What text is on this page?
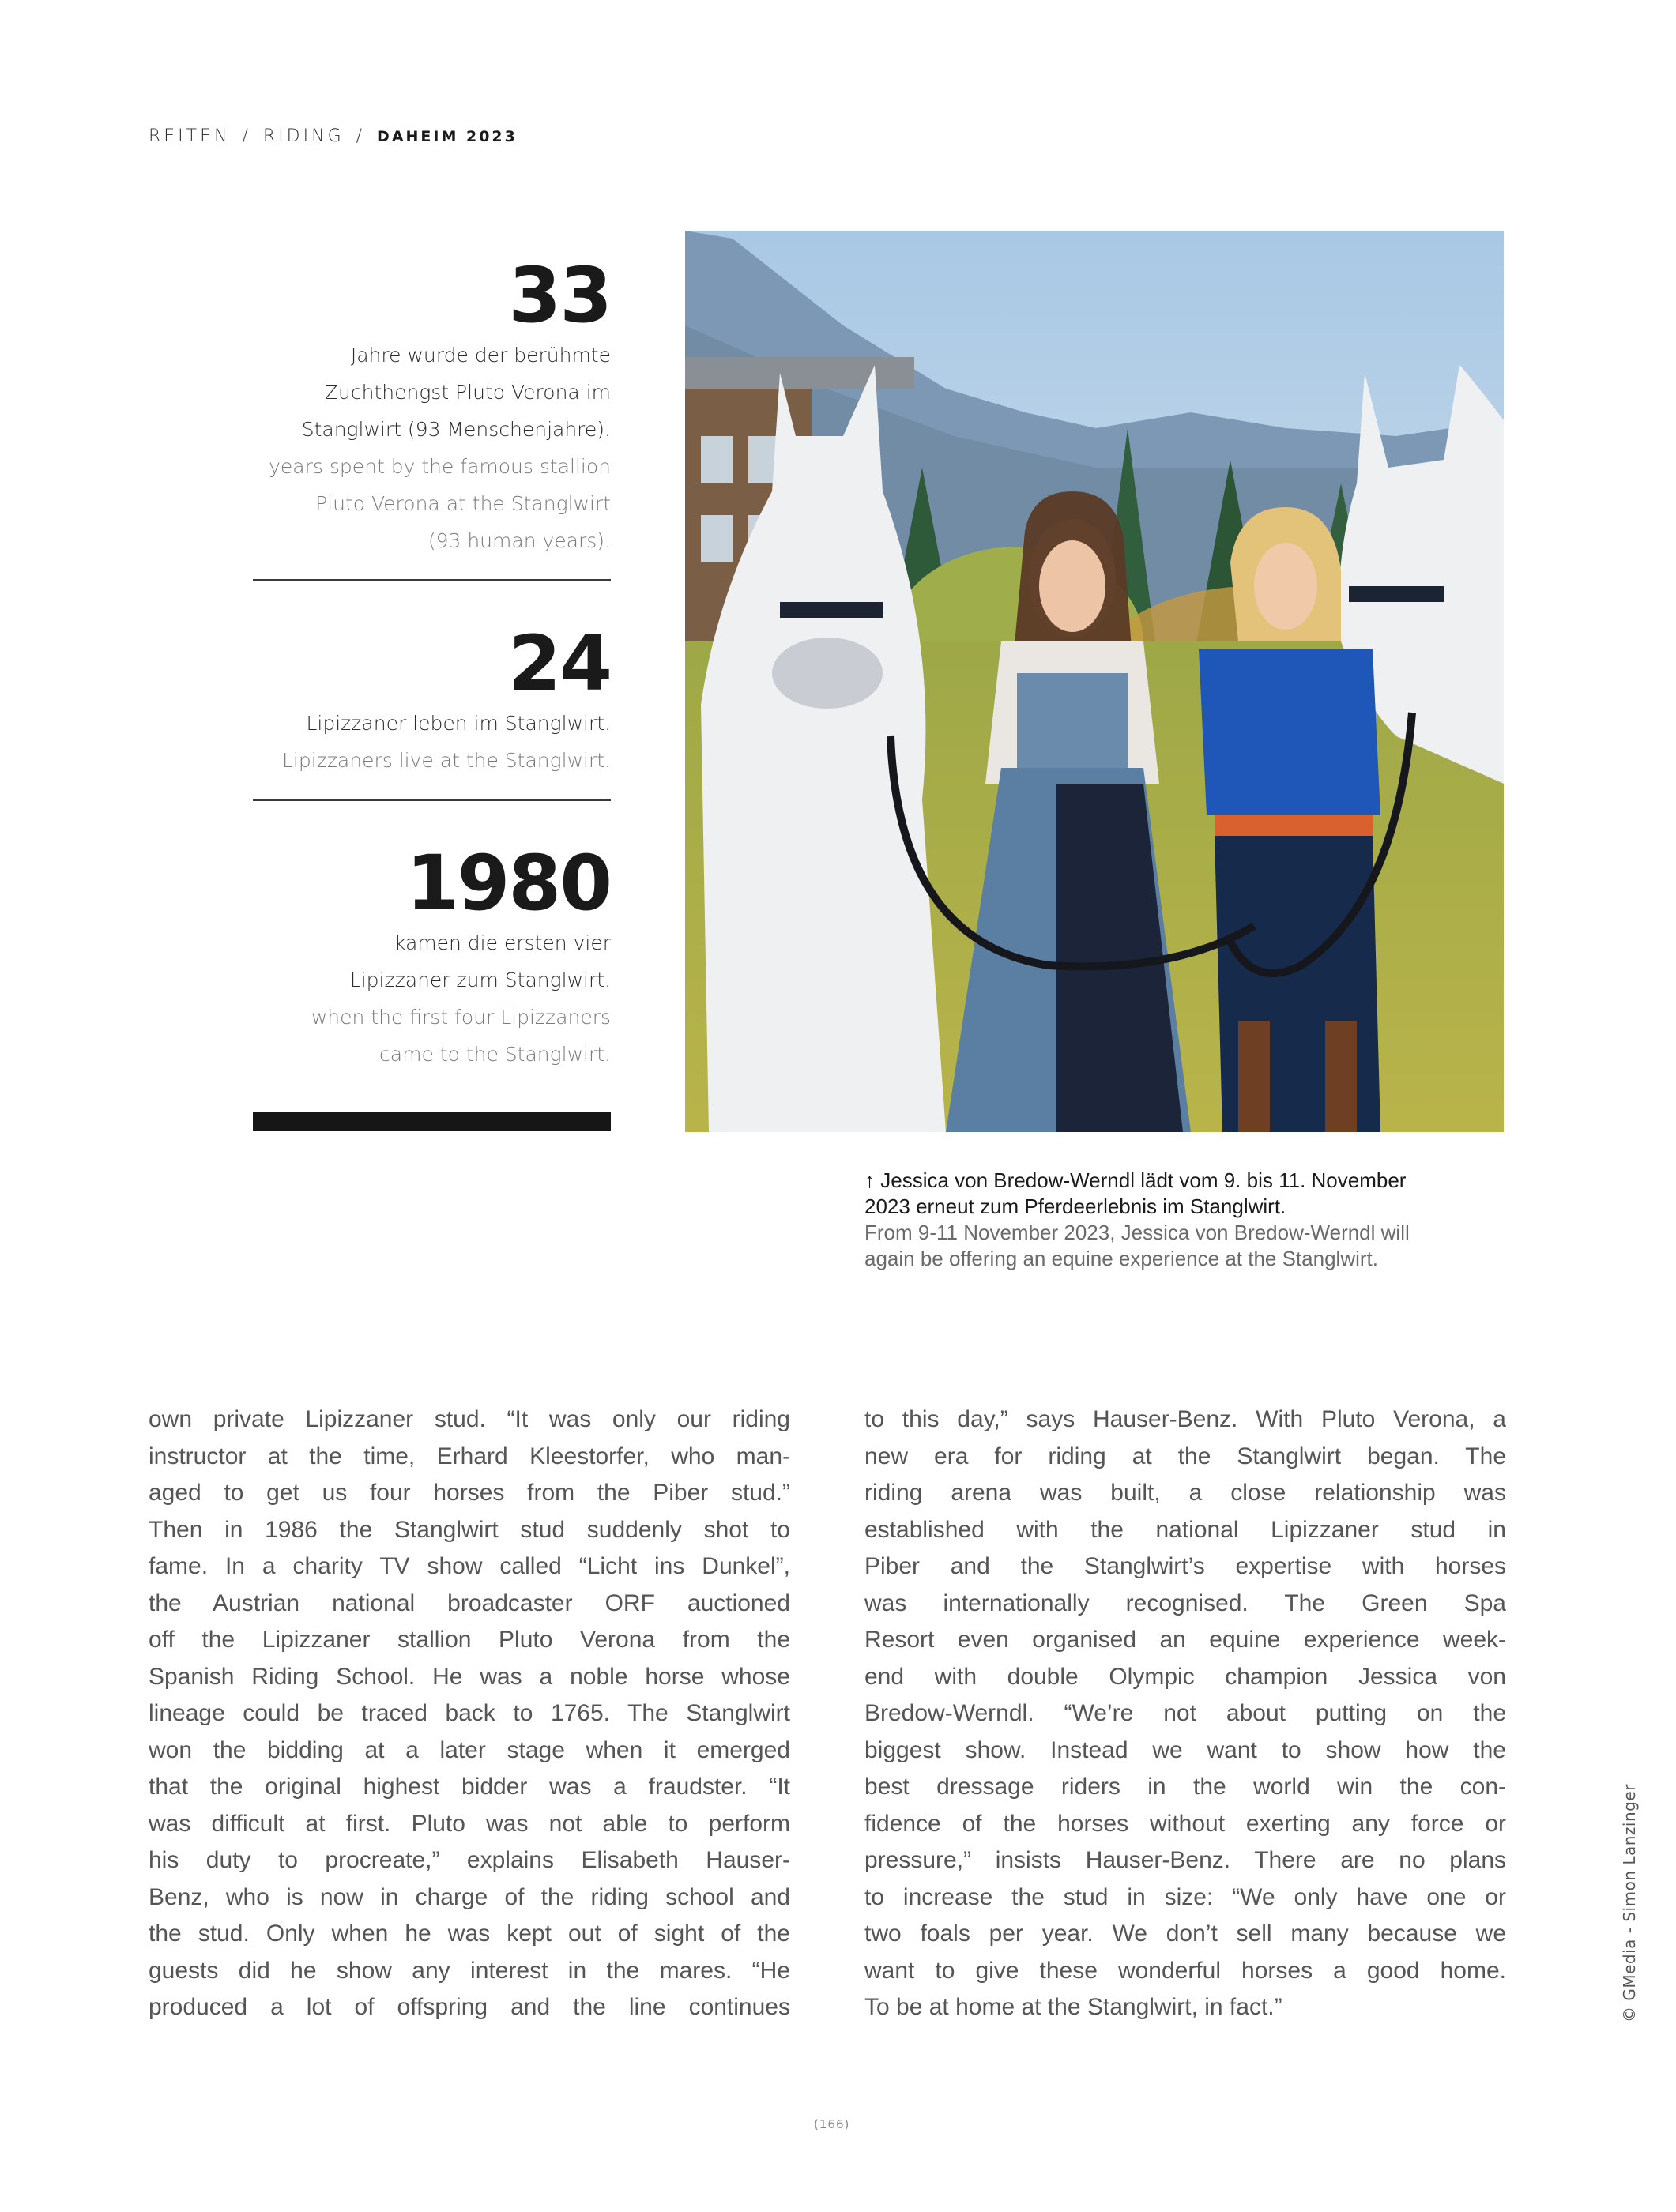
REITEN / RIDING / DAHEIM 2023
33
Jahre wurde der berühmte
Zuchthengst Pluto Verona im
Stanglwirt (93 Menschenjahre).
years spent by the famous stallion
Pluto Verona at the Stanglwirt
(93 human years).
24
Lipizzaner leben im Stanglwirt.
Lipizzaners live at the Stanglwirt.
1980
kamen die ersten vier
Lipizzaner zum Stanglwirt.
when the first four Lipizzaners
came to the Stanglwirt.
↑ Jessica von Bredow-Werndl lädt vom 9. bis 11. November
2023 erneut zum Pferdeerlebnis im Stanglwirt.
From 9-11 November 2023, Jessica von Bredow-Werndl will
again be offering an equine experience at the Stanglwirt.
own private Lipizzaner stud. “It was only our riding
instructor at the time, Erhard Kleestorfer, who man-
aged to get us four horses from the Piber stud.”
Then in 1986 the Stanglwirt stud suddenly shot to
fame. In a charity TV show called “Licht ins Dunkel”,
the Austrian national broadcaster ORF auctioned
off the Lipizzaner stallion Pluto Verona from the
Spanish Riding School. He was a noble horse whose
lineage could be traced back to 1765. The Stanglwirt
won the bidding at a later stage when it emerged
that the original highest bidder was a fraudster. “It
was difficult at first. Pluto was not able to perform
his duty to procreate,” explains Elisabeth Hauser-
Benz, who is now in charge of the riding school and
the stud. Only when he was kept out of sight of the
guests did he show any interest in the mares. “He
produced a lot of offspring and the line continues
to this day,” says Hauser-Benz. With Pluto Verona, a
new era for riding at the Stanglwirt began. The
riding arena was built, a close relationship was
established with the national Lipizzaner stud in
Piber and the Stanglwirt’s expertise with horses
was internationally recognised. The Green Spa
Resort even organised an equine experience week-
end with double Olympic champion Jessica von
Bredow-Werndl. “We’re not about putting on the
biggest show. Instead we want to show how the
best dressage riders in the world win the con-
fidence of the horses without exerting any force or
pressure,” insists Hauser-Benz. There are no plans
to increase the stud in size: “We only have one or
two foals per year. We don’t sell many because we
want to give these wonderful horses a good home.
To be at home at the Stanglwirt, in fact.”	© GMedia - Simon Lanzinger
(166)
